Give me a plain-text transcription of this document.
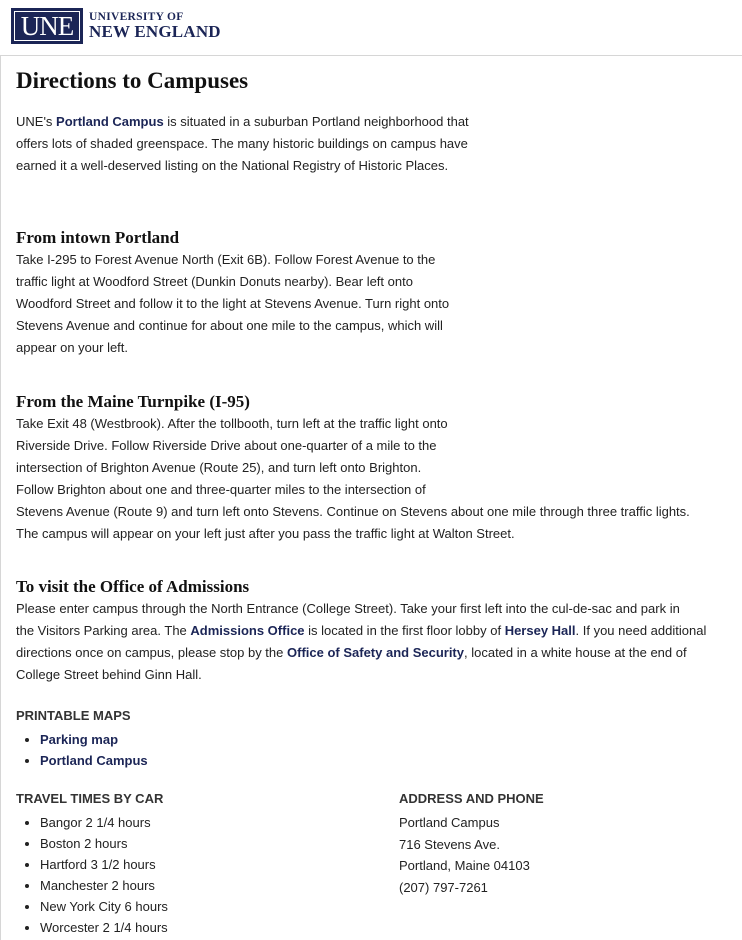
UNE	UNIVERSITY OF
NEW ENGLAND
Directions to Campuses
UNE's Portland Campus is situated in a suburban Portland neighborhood that offers lots of shaded greenspace. The many historic buildings on campus have earned it a well-deserved listing on the National Registry of Historic Places.
From intown Portland
Take I-295 to Forest Avenue North (Exit 6B). Follow Forest Avenue to the
traffic light at Woodford Street (Dunkin Donuts nearby). Bear left onto
Woodford Street and follow it to the light at Stevens Avenue. Turn right onto
Stevens Avenue and continue for about one mile to the campus, which will
appear on your left.
From the Maine Turnpike (I-95)
Take Exit 48 (Westbrook). After the tollbooth, turn left at the traffic light onto
Riverside Drive. Follow Riverside Drive about one-quarter of a mile to the
intersection of Brighton Avenue (Route 25), and turn left onto Brighton.
Follow Brighton about one and three-quarter miles to the intersection of
Stevens Avenue (Route 9) and turn left onto Stevens. Continue on Stevens about one mile through three traffic lights.
The campus will appear on your left just after you pass the traffic light at Walton Street.
To visit the Office of Admissions
Please enter campus through the North Entrance (College Street). Take your first left into the cul-de-sac and park in
the Visitors Parking area. The Admissions Office is located in the first floor lobby of Hersey Hall. If you need additional
directions once on campus, please stop by the Office of Safety and Security, located in a white house at the end of
College Street behind Ginn Hall.
PRINTABLE MAPS
• Parking map
• Portland Campus
TRAVEL TIMES BY CAR
• Bangor 2 1/4 hours
• Boston 2 hours
• Hartford 3 1/2 hours
• Manchester 2 hours
• New York City 6 hours
• Worcester 2 1/4 hours
ADDRESS AND PHONE
Portland Campus
716 Stevens Ave.
Portland, Maine 04103
(207) 797-7261
